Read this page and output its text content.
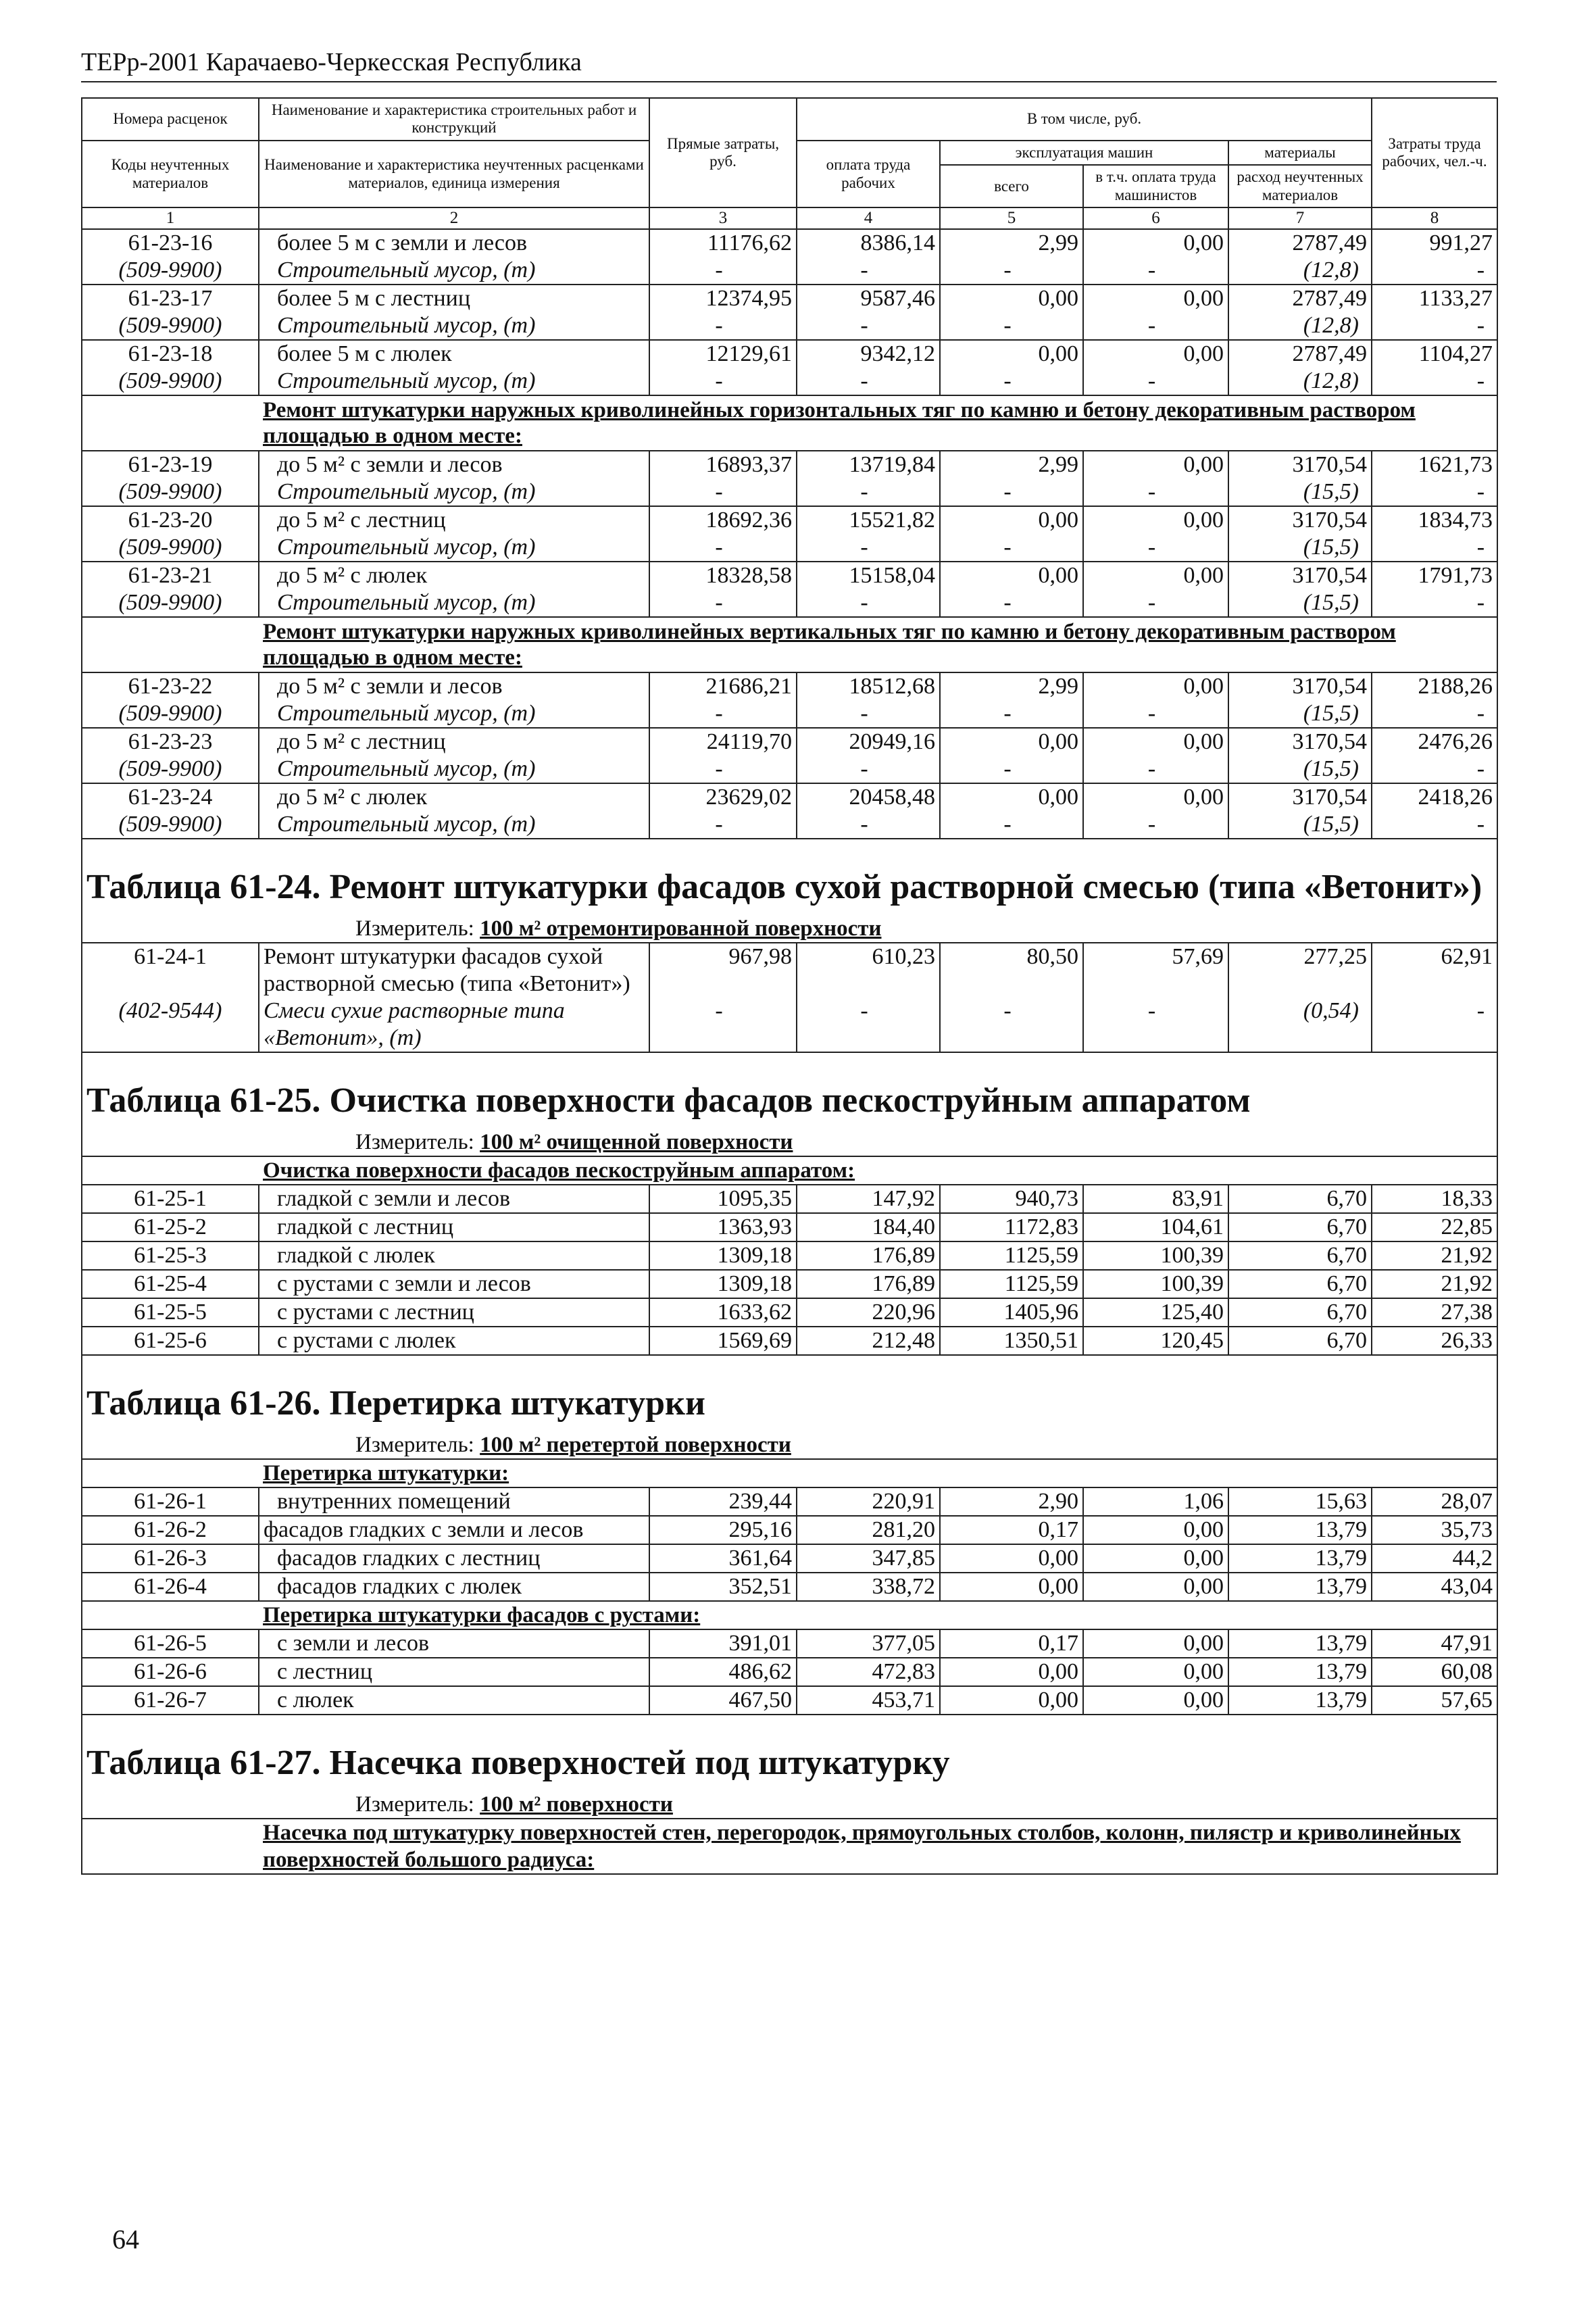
ТЕРр-2001 Карачаево-Черкесская Республика
Номера расценок	Наименование и характеристика строительных работ и конструкций	Прямые затраты, руб.	В том числе, руб.				Затраты труда рабочих, чел.-ч.
Коды неучтенных материалов	Наименование и характеристика неучтенных расценками материалов, единица измерения		оплата труда рабочих	эксплуатация машин		материалы	
				всего	в т.ч. оплата труда машинистов	расход неучтенных материалов	
1	2	3	4	5	6	7	8
61-23-16	более 5 м с земли и лесов	11176,62	8386,14	2,99	0,00	2787,49	991,27
(509-9900)	Строительный мусор, (т)	-	-	-	-	(12,8)	-
61-23-17	более 5 м с лестниц	12374,95	9587,46	0,00	0,00	2787,49	1133,27
(509-9900)	Строительный мусор, (т)	-	-	-	-	(12,8)	-
61-23-18	более 5 м с люлек	12129,61	9342,12	0,00	0,00	2787,49	1104,27
(509-9900)	Строительный мусор, (т)	-	-	-	-	(12,8)	-
	Ремонт штукатурки наружных криволинейных горизонтальных тяг по камню и бетону декоративным раствором площадью в одном месте:						
61-23-19	до 5 м² с земли и лесов	16893,37	13719,84	2,99	0,00	3170,54	1621,73
(509-9900)	Строительный мусор, (т)	-	-	-	-	(15,5)	-
61-23-20	до 5 м² с лестниц	18692,36	15521,82	0,00	0,00	3170,54	1834,73
(509-9900)	Строительный мусор, (т)	-	-	-	-	(15,5)	-
61-23-21	до 5 м² с люлек	18328,58	15158,04	0,00	0,00	3170,54	1791,73
(509-9900)	Строительный мусор, (т)	-	-	-	-	(15,5)	-
	Ремонт штукатурки наружных криволинейных вертикальных тяг по камню и бетону декоративным раствором площадью в одном месте:						
61-23-22	до 5 м² с земли и лесов	21686,21	18512,68	2,99	0,00	3170,54	2188,26
(509-9900)	Строительный мусор, (т)	-	-	-	-	(15,5)	-
61-23-23	до 5 м² с лестниц	24119,70	20949,16	0,00	0,00	3170,54	2476,26
(509-9900)	Строительный мусор, (т)	-	-	-	-	(15,5)	-
61-23-24	до 5 м² с люлек	23629,02	20458,48	0,00	0,00	3170,54	2418,26
(509-9900)	Строительный мусор, (т)	-	-	-	-	(15,5)	-
Таблица 61-24. Ремонт штукатурки фасадов сухой растворной смесью (типа «Ветонит»)							
Измеритель: 100 м² отремонтированной поверхности							
61-24-1	Ремонт штукатурки фасадов сухой растворной смесью (типа «Ветонит»)	967,98	610,23	80,50	57,69	277,25	62,91
(402-9544)	Смеси сухие растворные типа «Ветонит», (т)	-	-	-	-	(0,54)	-
Таблица 61-25. Очистка поверхности фасадов пескоструйным аппаратом							
Измеритель: 100 м² очищенной поверхности							
	Очистка поверхности фасадов пескоструйным аппаратом:						
61-25-1	гладкой с земли и лесов	1095,35	147,92	940,73	83,91	6,70	18,33
61-25-2	гладкой с лестниц	1363,93	184,40	1172,83	104,61	6,70	22,85
61-25-3	гладкой с люлек	1309,18	176,89	1125,59	100,39	6,70	21,92
61-25-4	с рустами с земли и лесов	1309,18	176,89	1125,59	100,39	6,70	21,92
61-25-5	с рустами с лестниц	1633,62	220,96	1405,96	125,40	6,70	27,38
61-25-6	с рустами с люлек	1569,69	212,48	1350,51	120,45	6,70	26,33
Таблица 61-26. Перетирка штукатурки							
Измеритель: 100 м² перетертой поверхности							
	Перетирка штукатурки:						
61-26-1	внутренних помещений	239,44	220,91	2,90	1,06	15,63	28,07
61-26-2	фасадов гладких с земли и лесов	295,16	281,20	0,17	0,00	13,79	35,73
61-26-3	фасадов гладких с лестниц	361,64	347,85	0,00	0,00	13,79	44,2
61-26-4	фасадов гладких с люлек	352,51	338,72	0,00	0,00	13,79	43,04
	Перетирка штукатурки фасадов с рустами:						
61-26-5	с земли и лесов	391,01	377,05	0,17	0,00	13,79	47,91
61-26-6	с лестниц	486,62	472,83	0,00	0,00	13,79	60,08
61-26-7	с люлек	467,50	453,71	0,00	0,00	13,79	57,65
Таблица 61-27. Насечка поверхностей под штукатурку							
Измеритель: 100 м² поверхности							
	Насечка под штукатурку поверхностей стен, перегородок, прямоугольных столбов, колонн, пилястр и криволинейных поверхностей большого радиуса:						
64
